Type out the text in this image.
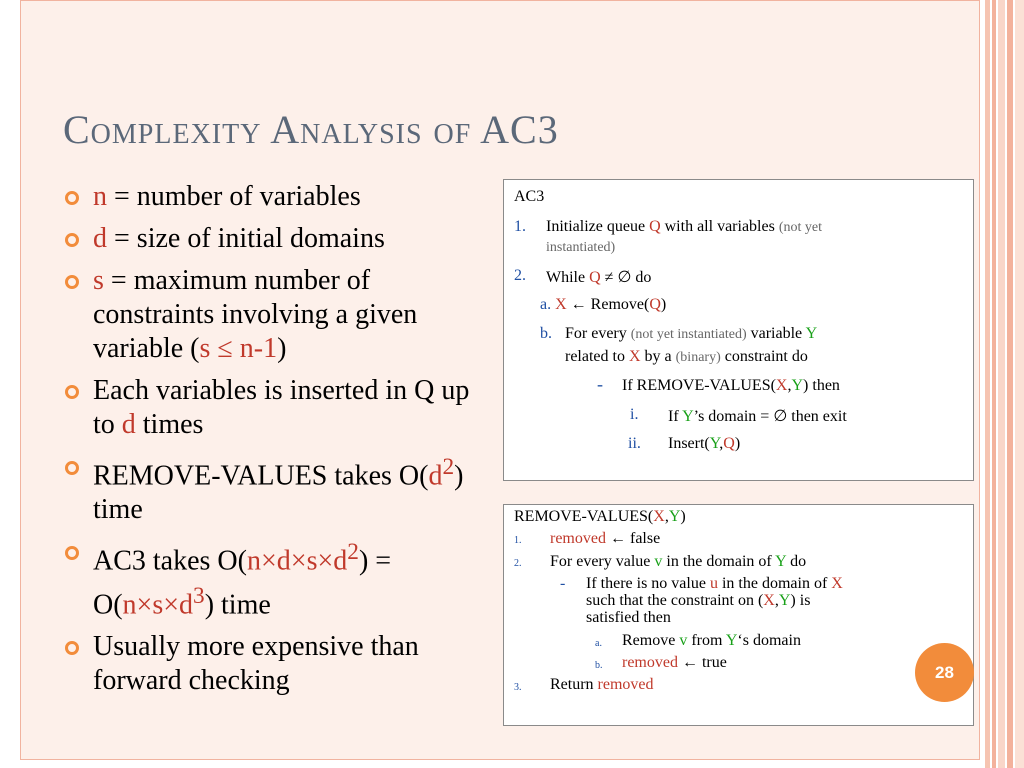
Complexity Analysis of AC3
n = number of variables
d = size of initial domains
s = maximum number of constraints involving a given variable (s ≤ n-1)
Each variables is inserted in Q up to d times
REMOVE-VALUES takes $O(d^2)$ time
AC3 takes $O(n\times d\times s\times d^2) = O(n\times s\times d^3)$ time
Usually more expensive than forward checking
AC3
1. Initialize queue Q with all variables (not yet
instantiated)
2. While Q ≠ ∅ do
a. X ← Remove(Q)
b. For every (not yet instantiated) variable Y
related to X by a (binary) constraint do
- If REMOVE-VALUES(X,Y) then
i. If Y’s domain = ∅ then exit
ii. Insert(Y,Q)
REMOVE-VALUES(X,Y)
1. removed ← false
2. For every value v in the domain of Y do
- If there is no value u in the domain of X
such that the constraint on (X,Y) is
satisfied then
a. Remove v from Y‘s domain
b. removed ← true
3. Return removed
28
